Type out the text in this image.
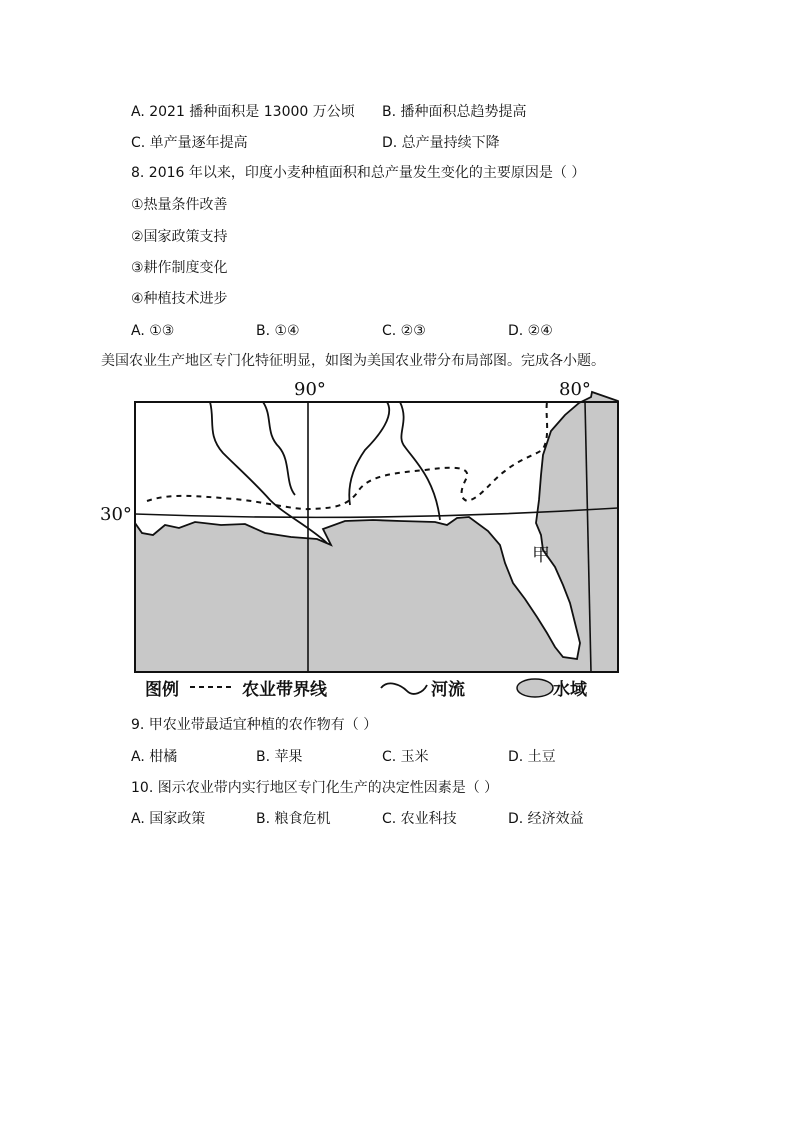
A. 2021 播种面积是 13000 万公顷 B. 播种面积总趋势提高
C. 单产量逐年提高	D. 总产量持续下降
8. 2016 年以来，印度小麦种植面积和总产量发生变化的主要原因是（ ）
①热量条件改善
②国家政策支持
③耕作制度变化
④种植技术进步
A. ①③	B. ①④	C. ②③	D. ②④
美国农业生产地区专门化特征明显，如图为美国农业带分布局部图。完成各小题。
90°	80°
30°
甲
图例	农业带界线	河流	水域
9. 甲农业带最适宜种植的农作物有（ ）
A. 柑橘	B. 苹果	C. 玉米	D. 土豆
10. 图示农业带内实行地区专门化生产的决定性因素是（ ）
A. 国家政策	B. 粮食危机	C. 农业科技	D. 经济效益
